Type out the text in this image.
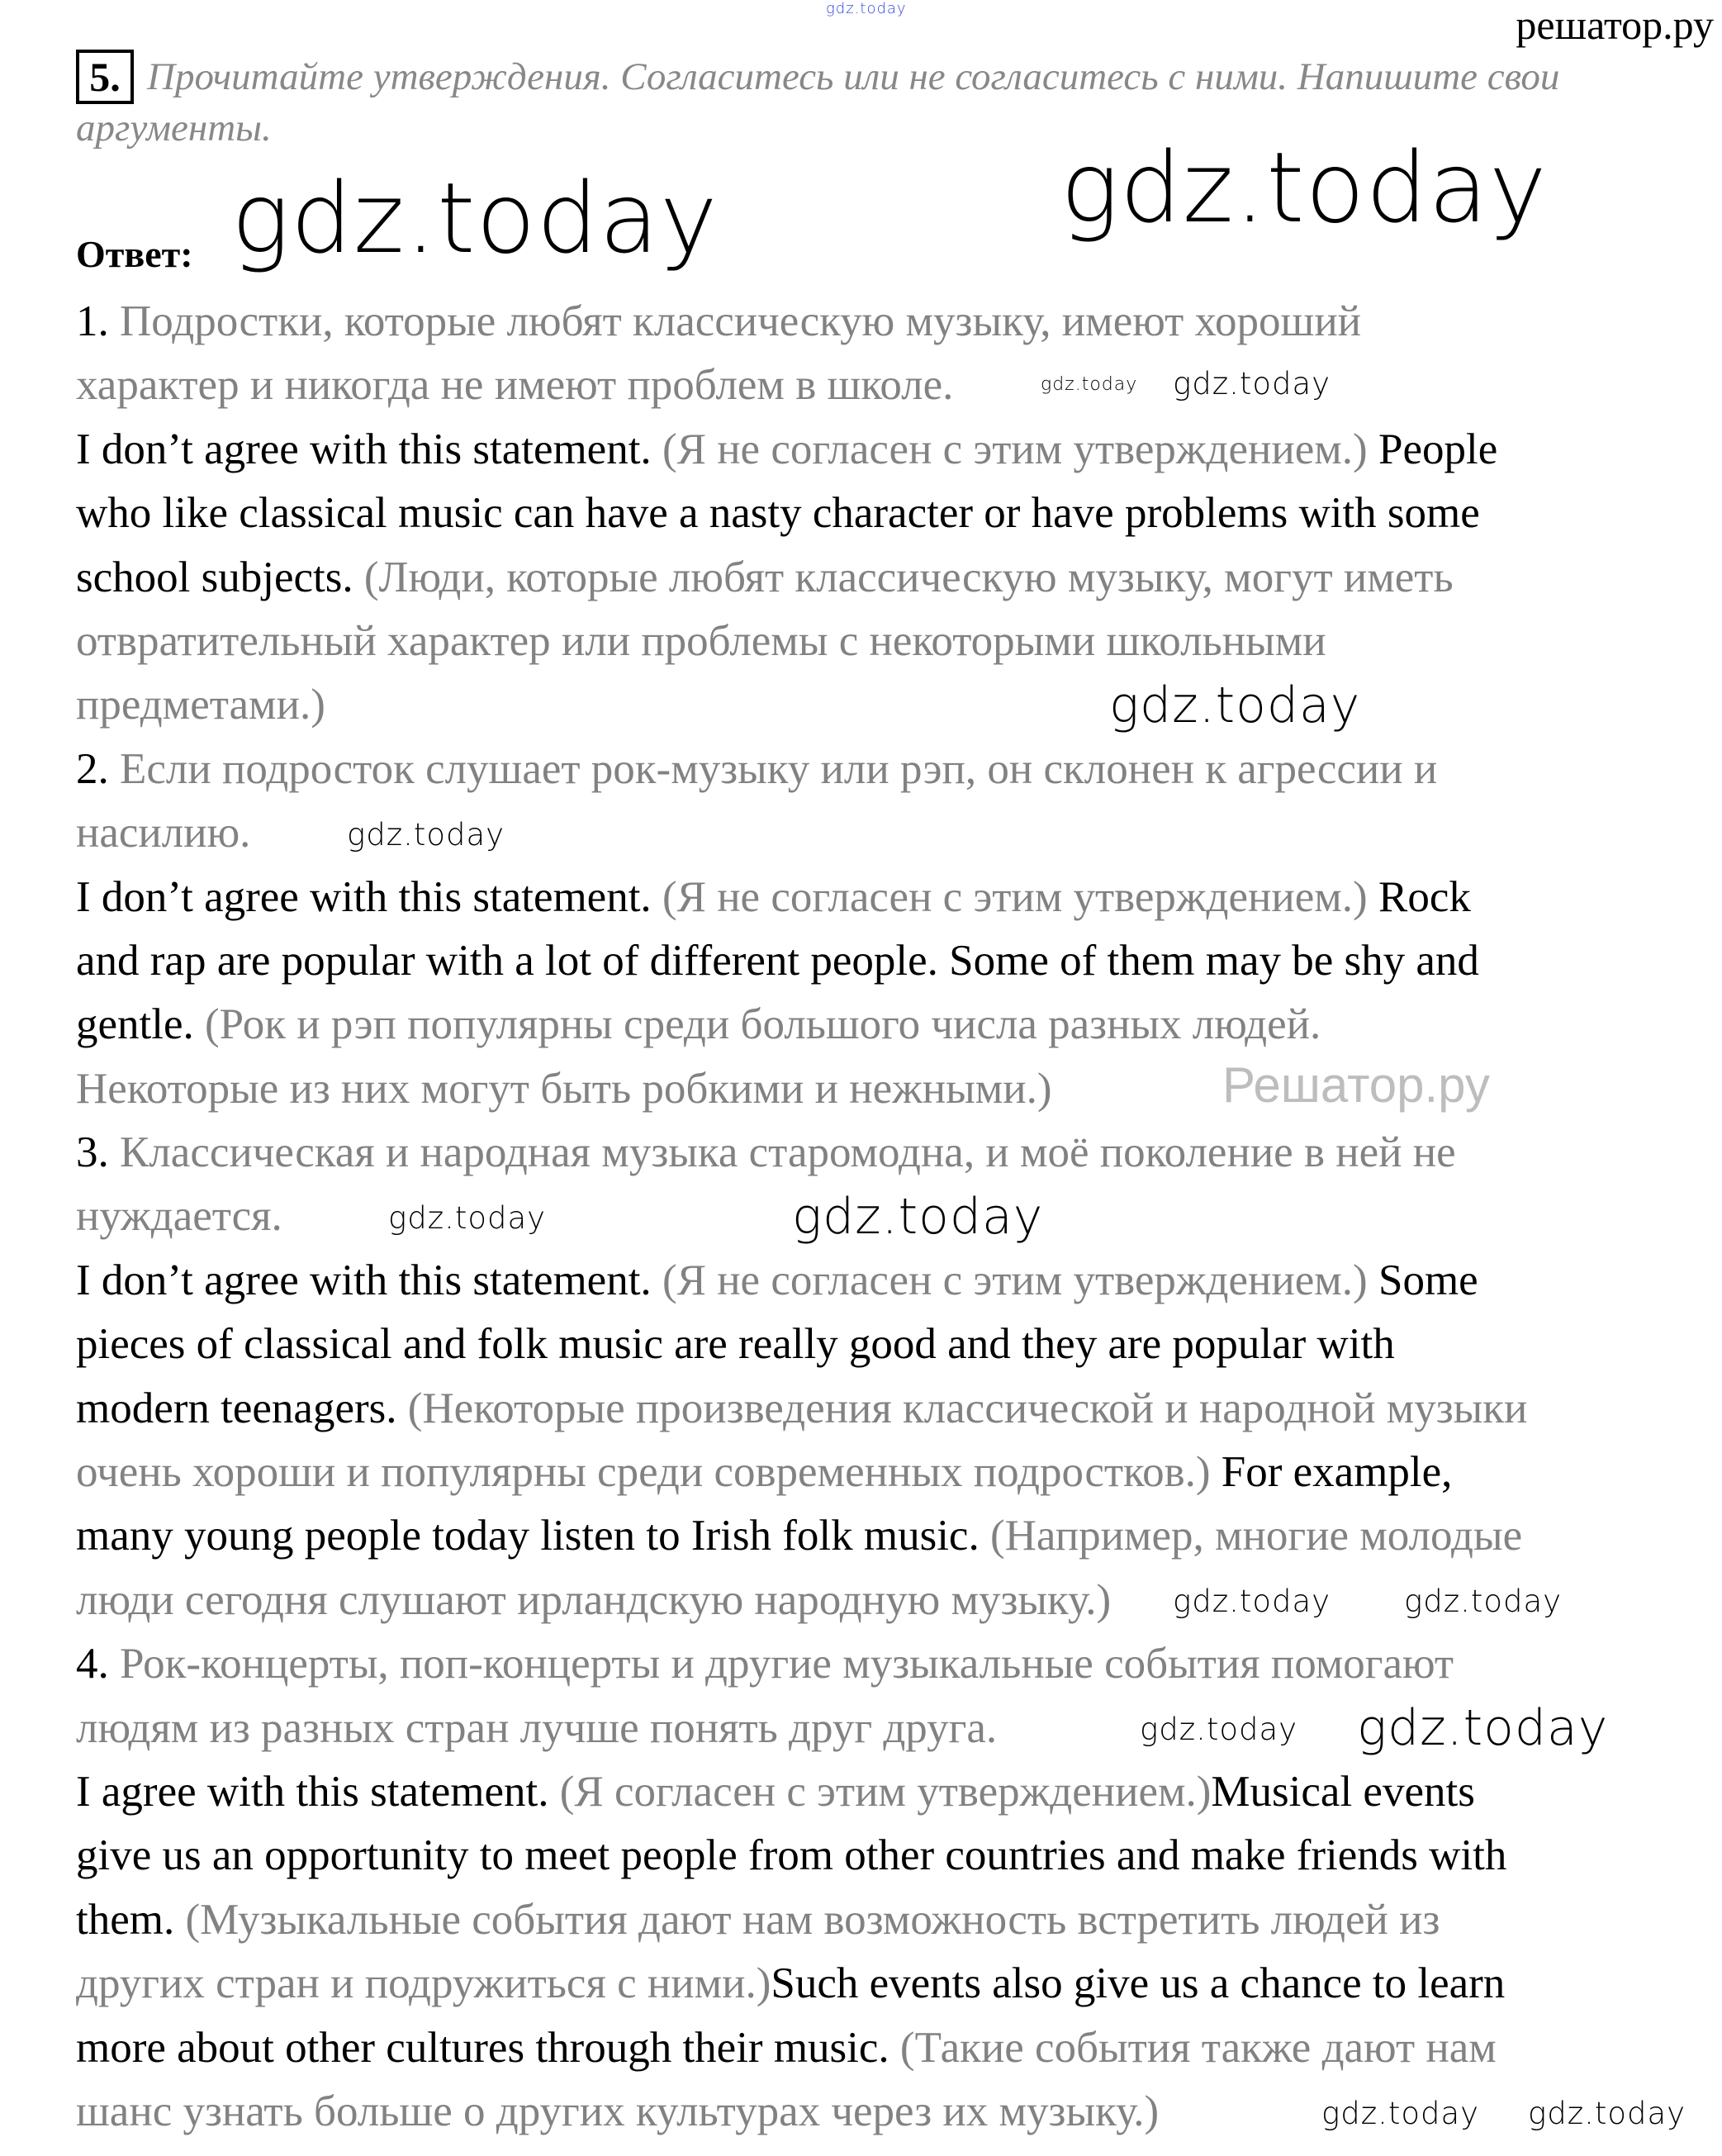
gdz.today
5. Прочитайте утверждения. Согласитесь или не согласитесь с ними. Напишите свои
аргументы.
решатор.ру
Ответ:
1. Подростки, которые любят классическую музыку, имеют хороший
характер и никогда не имеют проблем в школе.
I don’t agree with this statement. (Я не согласен с этим утверждением.) People
who like classical music can have a nasty character or have problems with some
school subjects. (Люди, которые любят классическую музыку, могут иметь
отвратительный характер или проблемы с некоторыми школьными
предметами.)
2. Если подросток слушает рок-музыку или рэп, он склонен к агрессии и
насилию.
I don’t agree with this statement. (Я не согласен с этим утверждением.) Rock
and rap are popular with a lot of different people. Some of them may be shy and
gentle. (Рок и рэп популярны среди большого числа разных людей.
Некоторые из них могут быть робкими и нежными.)
3. Классическая и народная музыка старомодна, и моё поколение в ней не
нуждается.
I don’t agree with this statement. (Я не согласен с этим утверждением.) Some
pieces of classical and folk music are really good and they are popular with
modern teenagers. (Некоторые произведения классической и народной музыки
очень хороши и популярны среди современных подростков.) For example,
many young people today listen to Irish folk music. (Например, многие молодые
люди сегодня слушают ирландскую народную музыку.)
4. Рок-концерты, поп-концерты и другие музыкальные события помогают
людям из разных стран лучше понять друг друга.
I agree with this statement. (Я согласен с этим утверждением.)Musical events
give us an opportunity to meet people from other countries and make friends with
them. (Музыкальные события дают нам возможность встретить людей из
других стран и подружиться с ними.)Such events also give us a chance to learn
more about other cultures through their music. (Такие события также дают нам
шанс узнать больше о других культурах через их музыку.)
Решатор.ру
gdz.today
gdz.today
gdz.today gdz.today
gdz.today
gdz.today
gdz.today	gdz.today
gdz.today gdz.today
gdz.today gdz.today
gdz.today gdz.today
